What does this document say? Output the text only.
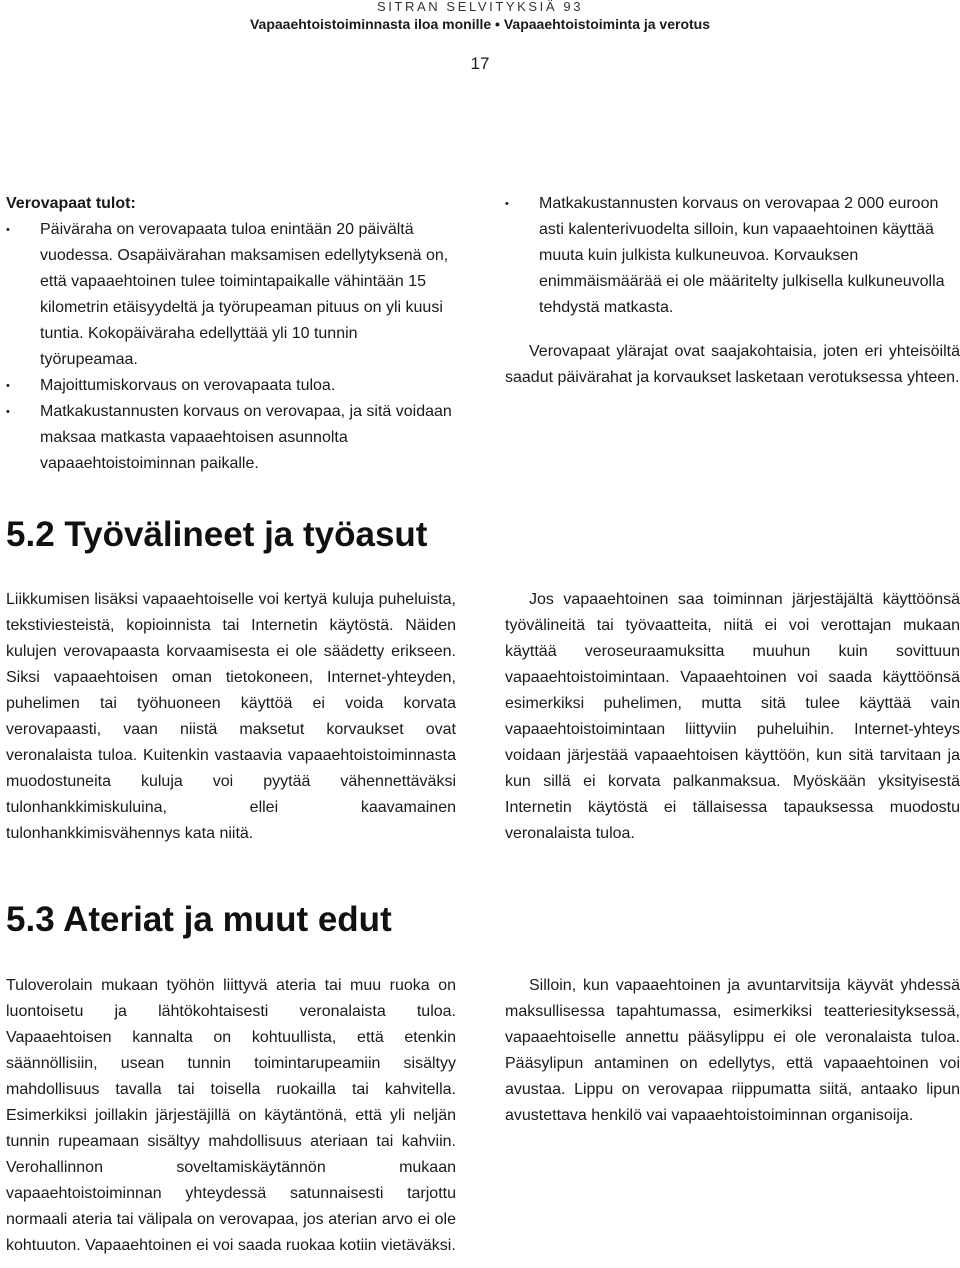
SITRAN SELVITYKSIÄ 93
Vapaaehtoistoiminnasta iloa monille • Vapaaehtoistoiminta ja verotus
17

Verovapaat tulot:

• Päiväraha on verovapaata tuloa enintään 20 päivältä vuodessa. Osapäivärahan maksamisen edellytyksenä on, että vapaaehtoinen tulee toimintapaikalle vähintään 15 kilometrin etäisyydeltä ja työrupeaman pituus on yli kuusi tuntia. Kokopäiväraha edellyttää yli 10 tunnin työrupeamaa.
• Majoittumiskorvaus on verovapaata tuloa.
• Matkakustannusten korvaus on verovapaa, ja sitä voidaan maksaa matkasta vapaaehtoisen asunnolta vapaaehtoistoiminnan paikalle.
• Matkakustannusten korvaus on verovapaa 2 000 euroon asti kalenterivuodelta silloin, kun vapaaehtoinen käyttää muuta kuin julkista kulkuneuvoa. Korvauksen enimmäismäärää ei ole määritelty julkisella kulkuneuvolla tehdystä matkasta.

Verovapaat ylärajat ovat saajakohtaisia, joten eri yhteisöiltä saadut päivärahat ja korvaukset lasketaan verotuksessa yhteen.

5.2 Työvälineet ja työasut
Liikkumisen lisäksi vapaaehtoiselle voi kertyä kuluja puheluista, tekstiviesteistä, kopioinnista tai Internetin käytöstä. Näiden kulujen verovapaasta korvaamisesta ei ole säädetty erikseen. Siksi vapaaehtoisen oman tietokoneen, Internet-yhteyden, puhelimen tai työhuoneen käyttöä ei voida korvata verovapaasti, vaan niistä maksetut korvaukset ovat veronalaista tuloa. Kuitenkin vastaavia vapaaehtoistoiminnasta muodostuneita kuluja voi pyytää vähennettäväksi tulonhankkimiskuluina, ellei kaavamainen tulonhankkimisvähennys kata niitä.
Jos vapaaehtoinen saa toiminnan järjestäjältä käyttöönsä työvälineitä tai työvaatteita, niitä ei voi verottajan mukaan käyttää veroseuraamuksitta muuhun kuin sovittuun vapaaehtoistoimintaan. Vapaaehtoinen voi saada käyttöönsä esimerkiksi puhelimen, mutta sitä tulee käyttää vain vapaaehtoistoimintaan liittyviin puheluihin. Internet-yhteys voidaan järjestää vapaaehtoisen käyttöön, kun sitä tarvitaan ja kun sillä ei korvata palkanmaksua. Myöskään yksityisestä Internetin käytöstä ei tällaisessa tapauksessa muodostu veronalaista tuloa.
5.3 Ateriat ja muut edut
Tuloverolain mukaan työhön liittyvä ateria tai muu ruoka on luontoisetu ja lähtökohtaisesti veronalaista tuloa. Vapaaehtoisen kannalta on kohtuullista, että etenkin säännöllisiin, usean tunnin toimintarupeamiin sisältyy mahdollisuus tavalla tai toisella ruokailla tai kahvitella. Esimerkiksi joillakin järjestäjillä on käytäntönä, että yli neljän tunnin rupeamaan sisältyy mahdollisuus ateriaan tai kahviin. Verohallinnon soveltamiskäytännön mukaan vapaaehtoistoiminnan yhteydessä satunnaisesti tarjottu normaali ateria tai välipala on verovapaa, jos aterian arvo ei ole kohtuuton. Vapaaehtoinen ei voi saada ruokaa kotiin vietäväksi.
Silloin, kun vapaaehtoinen ja avuntarvitsija käyvät yhdessä maksullisessa tapahtumassa, esimerkiksi teatteriesityksessä, vapaaehtoiselle annettu pääsylippu ei ole veronalaista tuloa. Pääsylipun antaminen on edellytys, että vapaaehtoinen voi avustaa. Lippu on verovapaa riippumatta siitä, antaako lipun avustettava henkilö vai vapaaehtoistoiminnan organisoija.
